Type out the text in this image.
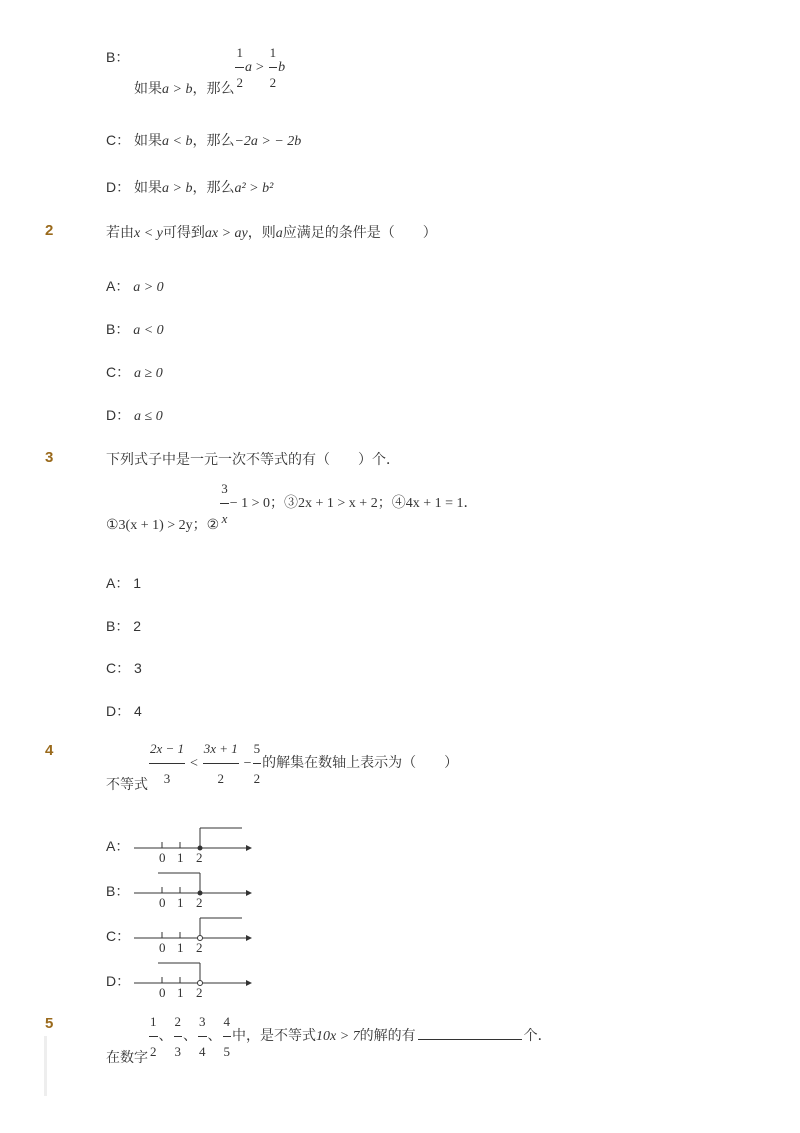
B：
如果a > b，那么 $\frac{1}{2}$ $a > \frac{1}{2}$ b
C： 如果a < b，那么−2a > − 2b
D： 如果a > b，那么a² > b²
2	若由x < y可得到ax > ay，则a应满足的条件是（　　）
A： a > 0
B： a < 0
C： a ≥ 0
D： a ≤ 0
3	下列式子中是一元一次不等式的有（　　）个．
①3(x + 1) > 2y；②
$\frac{3}{x} - 1 > 0$；③2x + 1 > x + 2；④4x + 1 = 1．
A： 1
B： 2
C： 3
D： 4
4
不等式 $\frac{2x - 1}{3} < \frac{3x + 1}{2} - \frac{5}{2}$ 的解集在数轴上表示为（　　）
A：
0 1 2
B：
0 1 2
C：
0 1 2
D：
0 1 2
5
在数字 $\frac{1}{2}$ 、 $\frac{2}{3}$ 、 $\frac{3}{4}$ 、 $\frac{4}{5}$ 中，是不等式10x > 7的解的有	个．
